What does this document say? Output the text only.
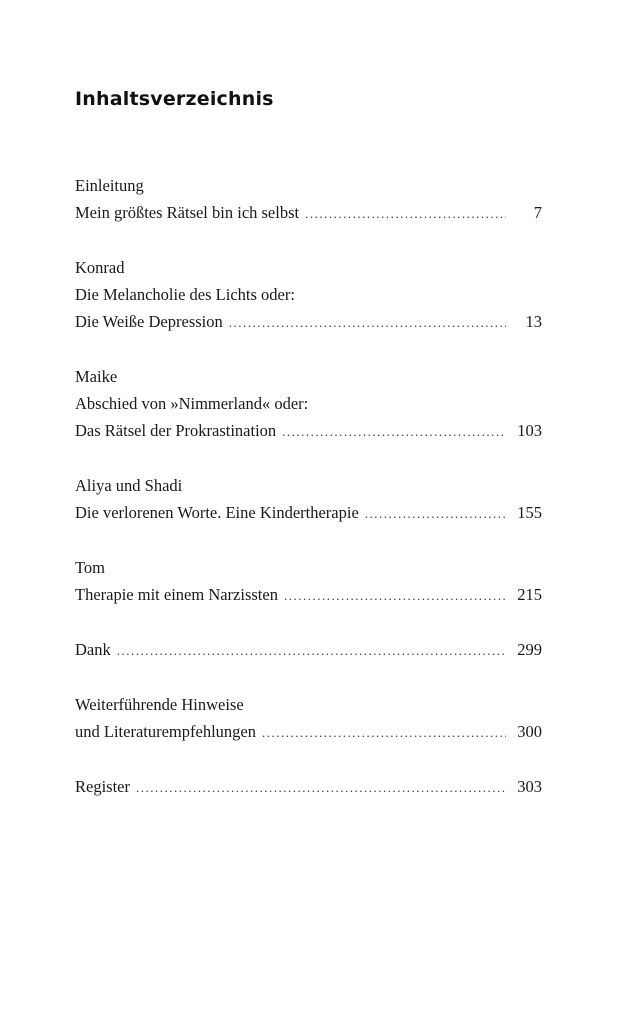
Inhaltsverzeichnis
Einleitung
Mein größtes Rätsel bin ich selbst .....	7
Konrad
Die Melancholie des Lichts oder:
Die Weiße Depression .....	13
Maike
Abschied von »Nimmerland« oder:
Das Rätsel der Prokrastination .....	103
Aliya und Shadi
Die verlorenen Worte. Eine Kindertherapie .....	155
Tom
Therapie mit einem Narzissten .....	215
Dank .....	299
Weiterführende Hinweise
und Literaturempfehlungen .....	300
Register .....	303
